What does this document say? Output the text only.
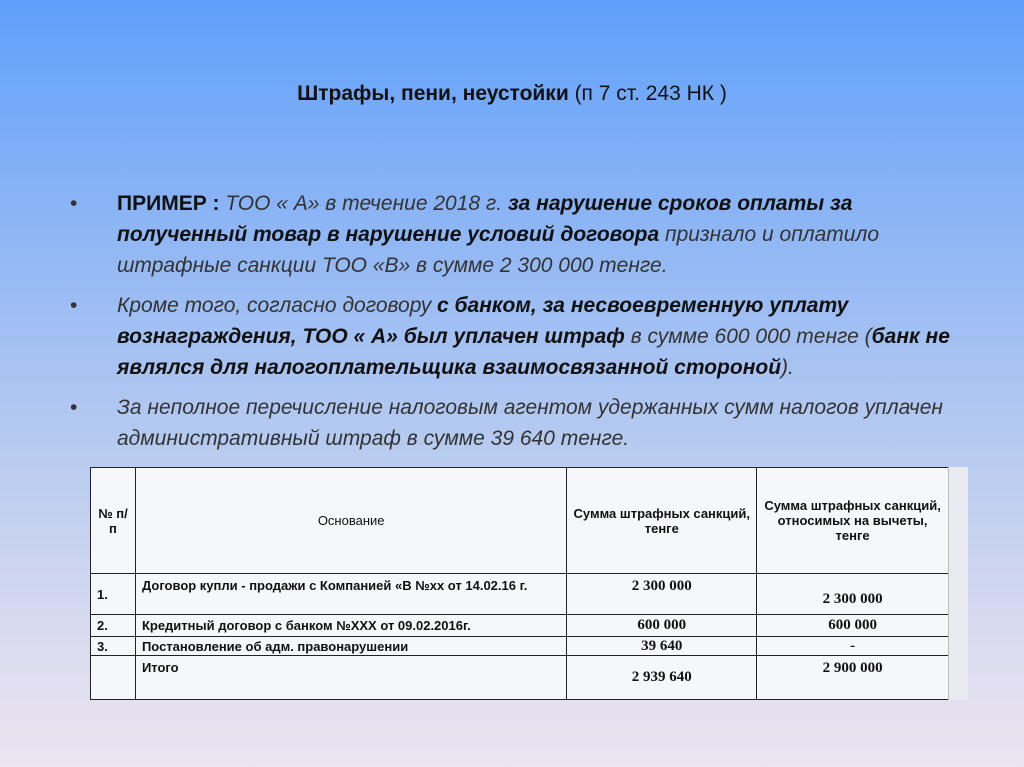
Штрафы, пени, неустойки (п 7 ст. 243 НК )
• ПРИМЕР : ТОО « А» в течение 2018 г. за нарушение сроков оплаты за полученный товар в нарушение условий договора признало и оплатило штрафные санкции ТОО «В» в сумме 2 300 000 тенге.
• Кроме того, согласно договору с банком, за несвоевременную уплату вознаграждения, ТОО « А» был уплачен штраф в сумме 600 000 тенге (банк не являлся для налогоплательщика взаимосвязанной стороной).
• За неполное перечисление налоговым агентом удержанных сумм налогов уплачен административный штраф в сумме 39 640 тенге.
№ п/п	Основание	Сумма штрафных санкций, тенге	Сумма штрафных санкций, относимых на вычеты, тенге
1.	Договор купли - продажи с Компанией «В №хх от 14.02.16 г.	2 300 000	2 300 000
2.	Кредитный договор с банком №ХХХ от 09.02.2016г.	600 000	600 000
3.	Постановление об адм. правонарушении	39 640	-
	Итого	2 939 640	2 900 000
